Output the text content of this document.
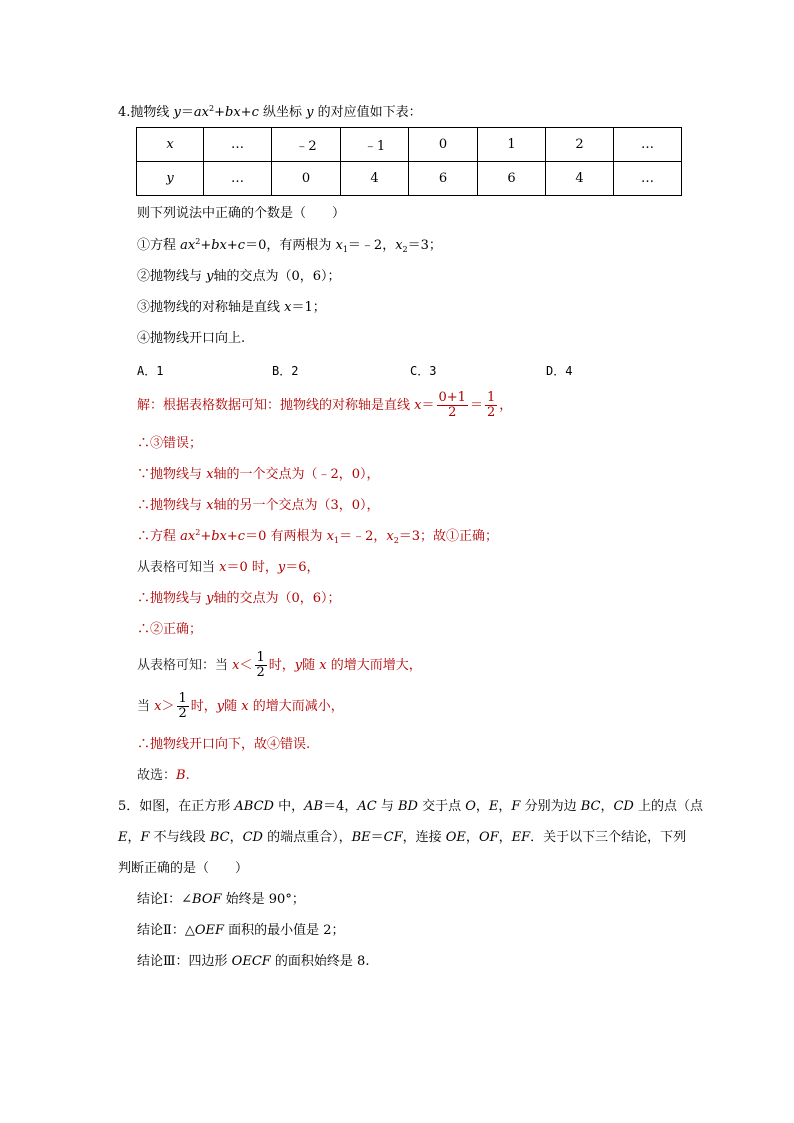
4.抛物线 $y=ax^2+bx+c$ 纵坐标 y 的对应值如下表：
x	…	﹣2	﹣1	0	1	2	…
y	…	0	4	6	6	4	…
则下列说法中正确的个数是（　　）
①方程 $ax^2+bx+c=0$，有两根为 $x_1=﹣2$，$x_2=3$；
②抛物线与 y轴的交点为（0，6）；
③抛物线的对称轴是直线 x＝1；
④抛物线开口向上.
A．1	B．2	C．3	D．4
解：根据表格数据可知：抛物线的对称轴是直线 $x= \frac{0+1}{2} = \frac{1}{2}$ ，
∴③错误；
∵抛物线与 x轴的一个交点为（﹣2，0），
∴抛物线与 x轴的另一个交点为（3，0），
∴方程 $ax^2+bx+c=0$ 有两根为 $x_1=﹣2$，$x_2=3$；故①正确；
从表格可知当 x＝0 时，y＝6，
∴抛物线与 y轴的交点为（0，6）；
∴②正确；
从表格可知：当 $x< \frac{1}{2}$ 时，y随 x 的增大而增大，
当 $x> \frac{1}{2}$ 时，y随 x 的增大而减小，
∴抛物线开口向下，故④错误.
故选：B.
5．如图，在正方形 ABCD 中，AB＝4，AC 与 BD 交于点 O，E，F 分别为边 BC，CD 上的点（点
E，F 不与线段 BC，CD 的端点重合），BE＝CF，连接 OE，OF，EF．关于以下三个结论，下列
判断正确的是（　　）
结论Ⅰ：∠BOF 始终是 90°；
结论Ⅱ：△OEF 面积的最小值是 2；
结论Ⅲ：四边形 OECF 的面积始终是 8.
